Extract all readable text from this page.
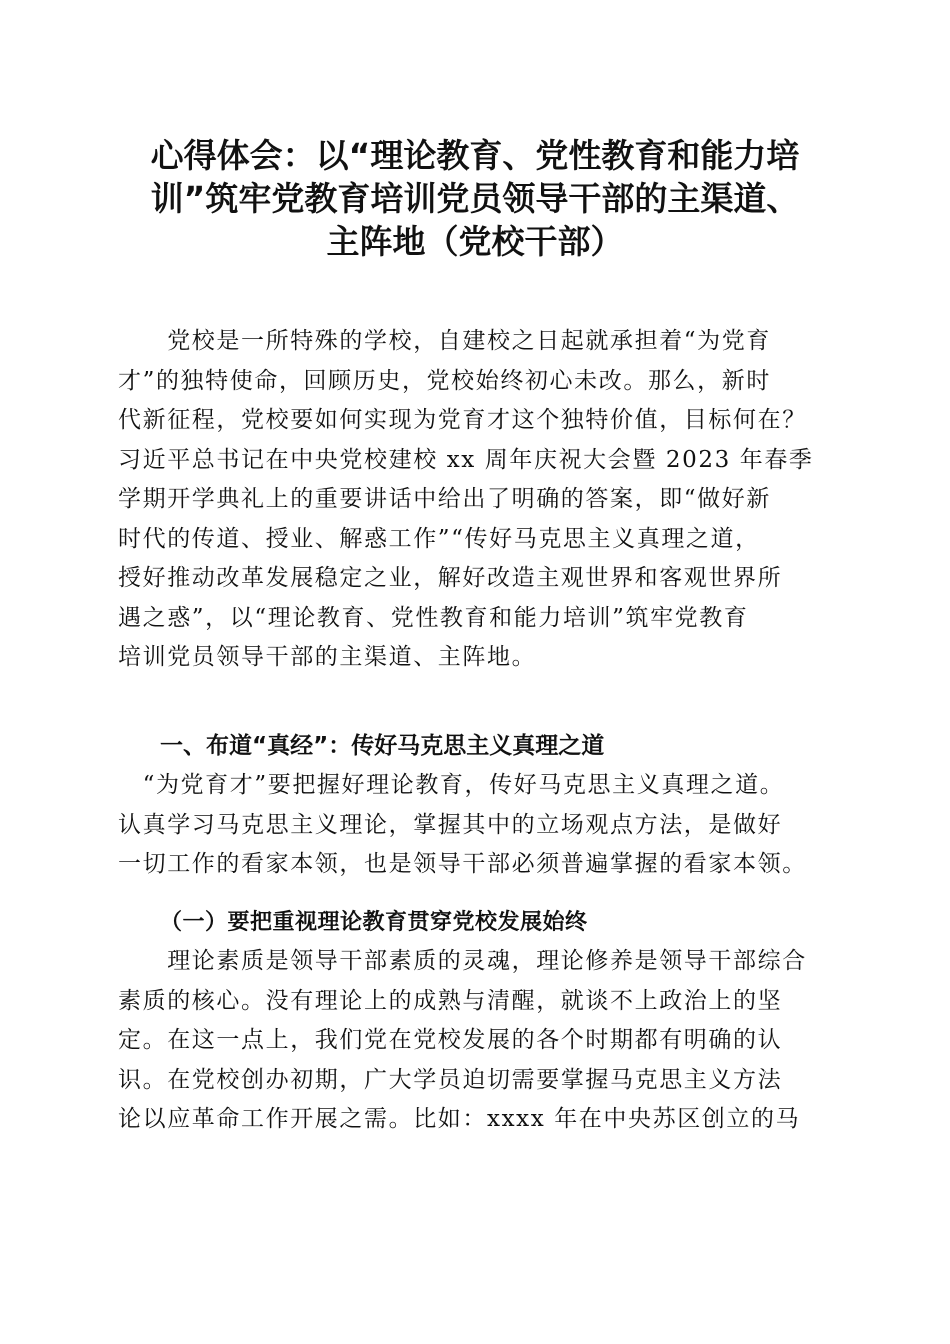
心得体会：以“理论教育、党性教育和能力培
训”筑牢党教育培训党员领导干部的主渠道、
主阵地（党校干部）

　　党校是一所特殊的学校，自建校之日起就承担着“为党育
才”的独特使命，回顾历史，党校始终初心未改。那么，新时
代新征程，党校要如何实现为党育才这个独特价值，目标何在？
习近平总书记在中央党校建校 xx 周年庆祝大会暨 2023 年春季
学期开学典礼上的重要讲话中给出了明确的答案，即“做好新
时代的传道、授业、解惑工作”“传好马克思主义真理之道，
授好推动改革发展稳定之业，解好改造主观世界和客观世界所
遇之惑”，以“理论教育、党性教育和能力培训”筑牢党教育
培训党员领导干部的主渠道、主阵地。

一、布道“真经”：传好马克思主义真理之道

　“为党育才”要把握好理论教育，传好马克思主义真理之道。
认真学习马克思主义理论，掌握其中的立场观点方法，是做好
一切工作的看家本领，也是领导干部必须普遍掌握的看家本领。

（一）要把重视理论教育贯穿党校发展始终

　　理论素质是领导干部素质的灵魂，理论修养是领导干部综合
素质的核心。没有理论上的成熟与清醒，就谈不上政治上的坚
定。在这一点上，我们党在党校发展的各个时期都有明确的认
识。在党校创办初期，广大学员迫切需要掌握马克思主义方法
论以应革命工作开展之需。比如：xxxx 年在中央苏区创立的马
